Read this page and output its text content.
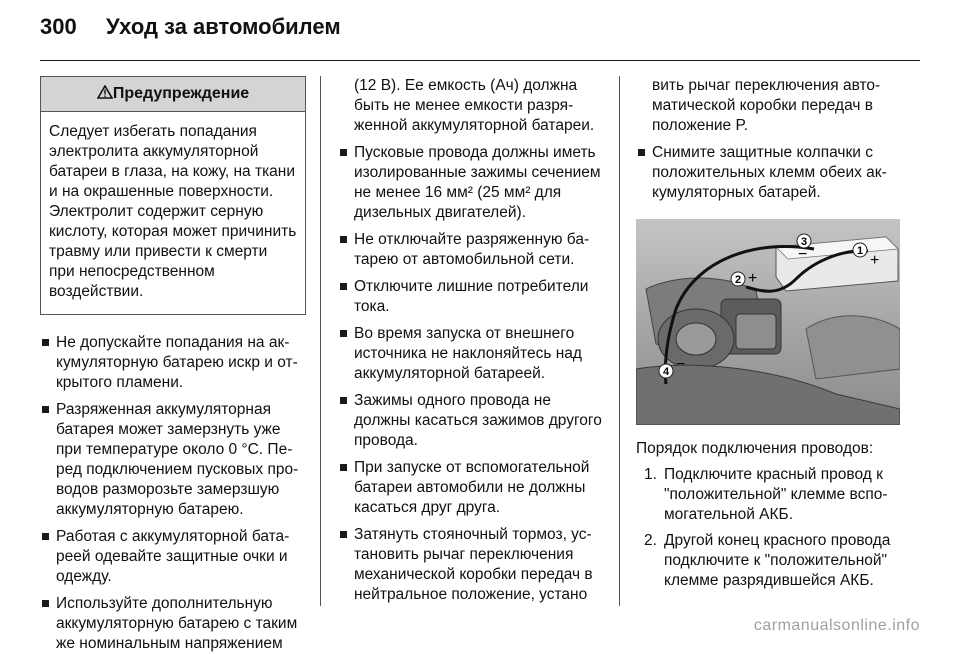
300 Уход за автомобилем
Предупреждение
Следует избегать попадания электролита аккумуляторной батареи в глаза, на кожу, на ткани и на окрашенные поверхности. Электролит содержит серную кислоту, которая может причинить травму или привести к смерти при непосредственном воздействии.
Не допускайте попадания на аккумуляторную батарею искр и открытого пламени.
Разряженная аккумуляторная батарея может замерзнуть уже при температуре около 0 °C. Перед подключением пусковых проводов разморозьте замерзшую аккумуляторную батарею.
Работая с аккумуляторной батареей одевайте защитные очки и одежду.
Используйте дополнительную аккумуляторную батарею с таким же номинальным напряжением

(12 В). Ее емкость (Ач) должна быть не менее емкости разряженной аккумуляторной батареи.

Пусковые провода должны иметь изолированные зажимы сечением не менее 16 мм² (25 мм² для дизельных двигателей).
Не отключайте разряженную батарею от автомобильной сети.
Отключите лишние потребители тока.
Во время запуска от внешнего источника не наклоняйтесь над аккумуляторной батареей.
Зажимы одного провода не должны касаться зажимов другого провода.
При запуске от вспомогательной батареи автомобили не должны касаться друг друга.
Затянуть стояночный тормоз, установить рычаг переключения механической коробки передач в нейтральное положение, устано

вить рычаг переключения автоматической коробки передач в положение P.

Снимите защитные колпачки с положительных клемм обеих аккумуляторных батарей.
1
+
2 +
3
−
4 −
Порядок подключения проводов:
1. Подключите красный провод к "положительной" клемме вспомогательной АКБ.
2. Другой конец красного провода подключите к "положительной" клемме разрядившейся АКБ.
carmanualsonline.info
